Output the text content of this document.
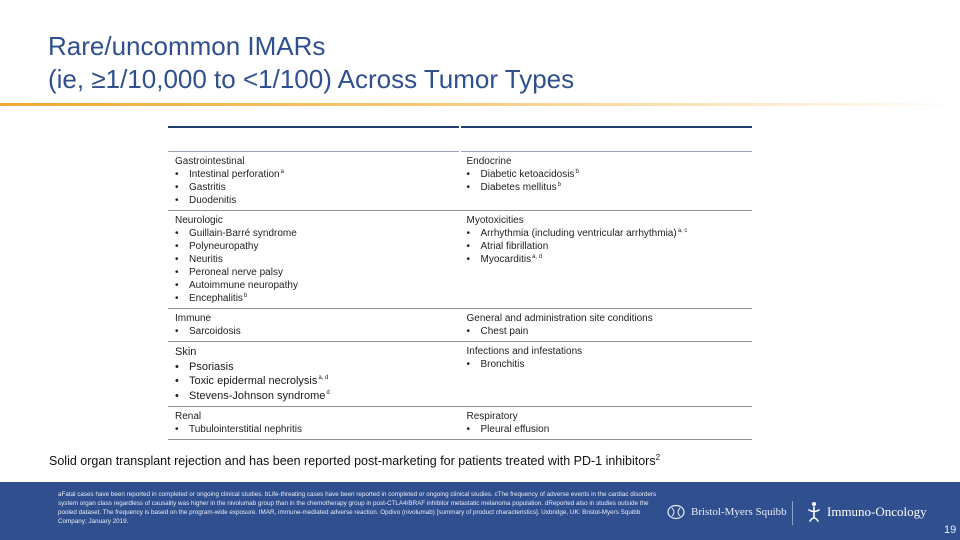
Rare/uncommon IMARs
(ie, ≥1/10,000 to <1/100) Across Tumor Types
Gastrointestinal
• Intestinal perforation$^a$
• Gastritis
• Duodenitis
Endocrine
• Diabetic ketoacidosis$^b$
• Diabetes mellitus$^b$
Neurologic
• Guillain-Barré syndrome
• Polyneuropathy
• Neuritis
• Peroneal nerve palsy
• Autoimmune neuropathy
• Encephalitis$^b$
Myotoxicities
• Arrhythmia (including ventricular arrhythmia)$^{a, c}$
• Atrial fibrillation
• Myocarditis$^{a, d}$
Immune
• Sarcoidosis
General and administration site conditions
• Chest pain
Skin
• Psoriasis
• Toxic epidermal necrolysis$^{a, d}$
• Stevens-Johnson syndrome$^d$
Infections and infestations
• Bronchitis
Renal
• Tubulointerstitial nephritis
Respiratory
• Pleural effusion
Solid organ transplant rejection and has been reported post-marketing for patients treated with PD-1 inhibitors$^2$
aFatal cases have been reported in completed or ongoing clinical studies. bLife-threating cases have been reported in completed or ongoing clinical studies. cThe frequency of adverse events in the cardiac disorders system organ class regardless of causality was higher in the nivolumab group than in the chemotherapy group in post-CTLA4/BRAF inhibitor metastatic melanoma population. dReported also in studies outside the pooled dataset. The frequency is based on the program-wide exposure. IMAR, immune-mediated adverse reaction. Opdivo (nivolumab) [summary of product characteristics]. Uxbridge, UK: Bristol-Myers Squibb Company; January 2019.
Bristol-Myers Squibb	Immuno-Oncology
19
